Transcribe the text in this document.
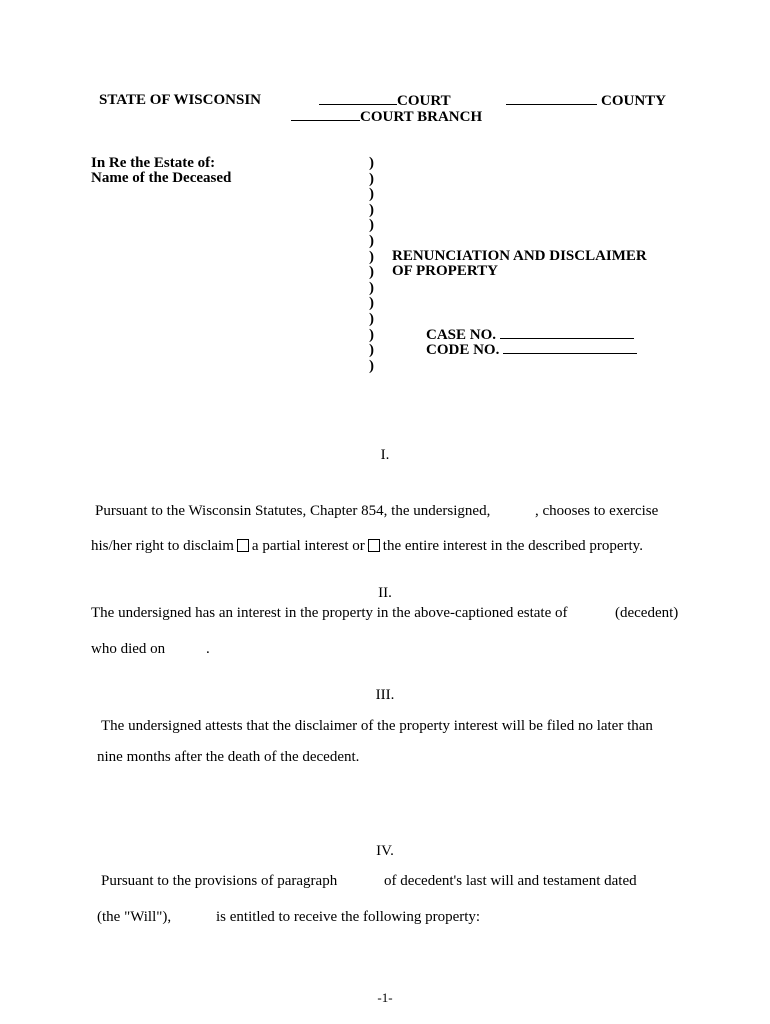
STATE OF WISCONSIN	COURT	COUNTY
COURT BRANCH
In Re the Estate of:
Name of the Deceased
)
)
)
)
)
)
)
)
)
)
)
)
)
)
RENUNCIATION AND DISCLAIMER
OF PROPERTY
CASE NO.
CODE NO.
I.
Pursuant to the Wisconsin Statutes, Chapter 854, the undersigned,	, chooses to exercise
his/her right to disclaim a partial interest or the entire interest in the described property.
II.
The undersigned has an interest in the property in the above-captioned estate of	(decedent)
who died on	.
III.
The undersigned attests that the disclaimer of the property interest will be filed no later than
nine months after the death of the decedent.
IV.
Pursuant to the provisions of paragraph	of decedent's last will and testament dated
(the "Will"),	is entitled to receive the following property:
-1-
